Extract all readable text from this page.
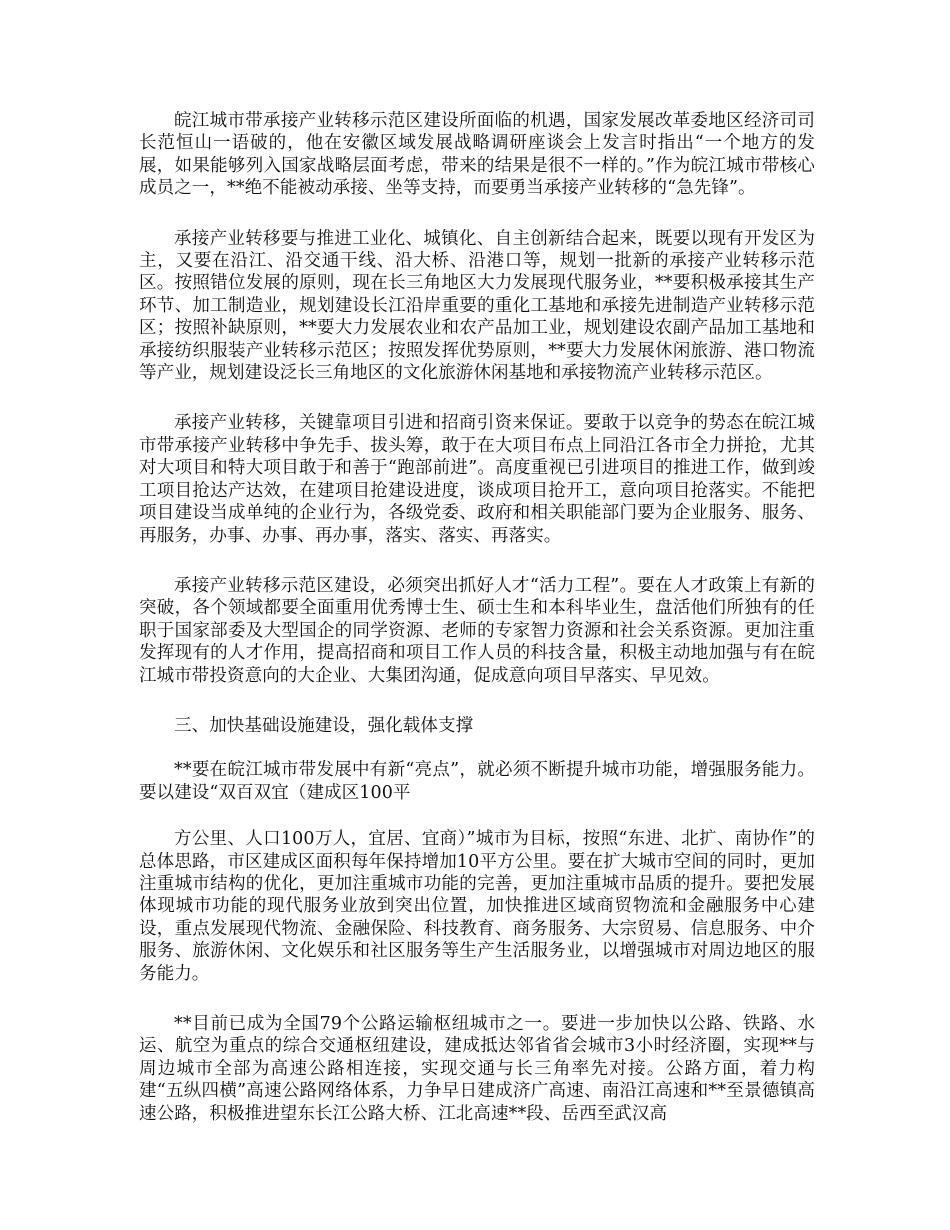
皖江城市带承接产业转移示范区建设所面临的机遇，国家发展改革委地区经济司司长范恒山一语破的，他在安徽区域发展战略调研座谈会上发言时指出“一个地方的发展，如果能够列入国家战略层面考虑，带来的结果是很不一样的。”作为皖江城市带核心成员之一，**绝不能被动承接、坐等支持，而要勇当承接产业转移的“急先锋”。

承接产业转移要与推进工业化、城镇化、自主创新结合起来，既要以现有开发区为主，又要在沿江、沿交通干线、沿大桥、沿港口等，规划一批新的承接产业转移示范区。按照错位发展的原则，现在长三角地区大力发展现代服务业，**要积极承接其生产环节、加工制造业，规划建设长江沿岸重要的重化工基地和承接先进制造产业转移示范区；按照补缺原则，**要大力发展农业和农产品加工业，规划建设农副产品加工基地和承接纺织服装产业转移示范区；按照发挥优势原则，**要大力发展休闲旅游、港口物流等产业，规划建设泛长三角地区的文化旅游休闲基地和承接物流产业转移示范区。

承接产业转移，关键靠项目引进和招商引资来保证。要敢于以竞争的势态在皖江城市带承接产业转移中争先手、拔头筹，敢于在大项目布点上同沿江各市全力拼抢，尤其对大项目和特大项目敢于和善于“跑部前进”。高度重视已引进项目的推进工作，做到竣工项目抢达产达效，在建项目抢建设进度，谈成项目抢开工，意向项目抢落实。不能把项目建设当成单纯的企业行为，各级党委、政府和相关职能部门要为企业服务、服务、再服务，办事、办事、再办事，落实、落实、再落实。

承接产业转移示范区建设，必须突出抓好人才“活力工程”。要在人才政策上有新的突破，各个领域都要全面重用优秀博士生、硕士生和本科毕业生，盘活他们所独有的任职于国家部委及大型国企的同学资源、老师的专家智力资源和社会关系资源。更加注重发挥现有的人才作用，提高招商和项目工作人员的科技含量，积极主动地加强与有在皖江城市带投资意向的大企业、大集团沟通，促成意向项目早落实、早见效。

三、加快基础设施建设，强化载体支撑

**要在皖江城市带发展中有新“亮点”，就必须不断提升城市功能，增强服务能力。要以建设“双百双宜（建成区100平

方公里、人口100万人，宜居、宜商）”城市为目标，按照“东进、北扩、南协作”的总体思路，市区建成区面积每年保持增加10平方公里。要在扩大城市空间的同时，更加注重城市结构的优化，更加注重城市功能的完善，更加注重城市品质的提升。要把发展体现城市功能的现代服务业放到突出位置，加快推进区域商贸物流和金融服务中心建设，重点发展现代物流、金融保险、科技教育、商务服务、大宗贸易、信息服务、中介服务、旅游休闲、文化娱乐和社区服务等生产生活服务业，以增强城市对周边地区的服务能力。

**目前已成为全国79个公路运输枢纽城市之一。要进一步加快以公路、铁路、水运、航空为重点的综合交通枢纽建设，建成抵达邻省省会城市3小时经济圈，实现**与周边城市全部为高速公路相连接，实现交通与长三角率先对接。公路方面，着力构建“五纵四横”高速公路网络体系，力争早日建成济广高速、南沿江高速和**至景德镇高速公路，积极推进望东长江公路大桥、江北高速**段、岳西至武汉高
